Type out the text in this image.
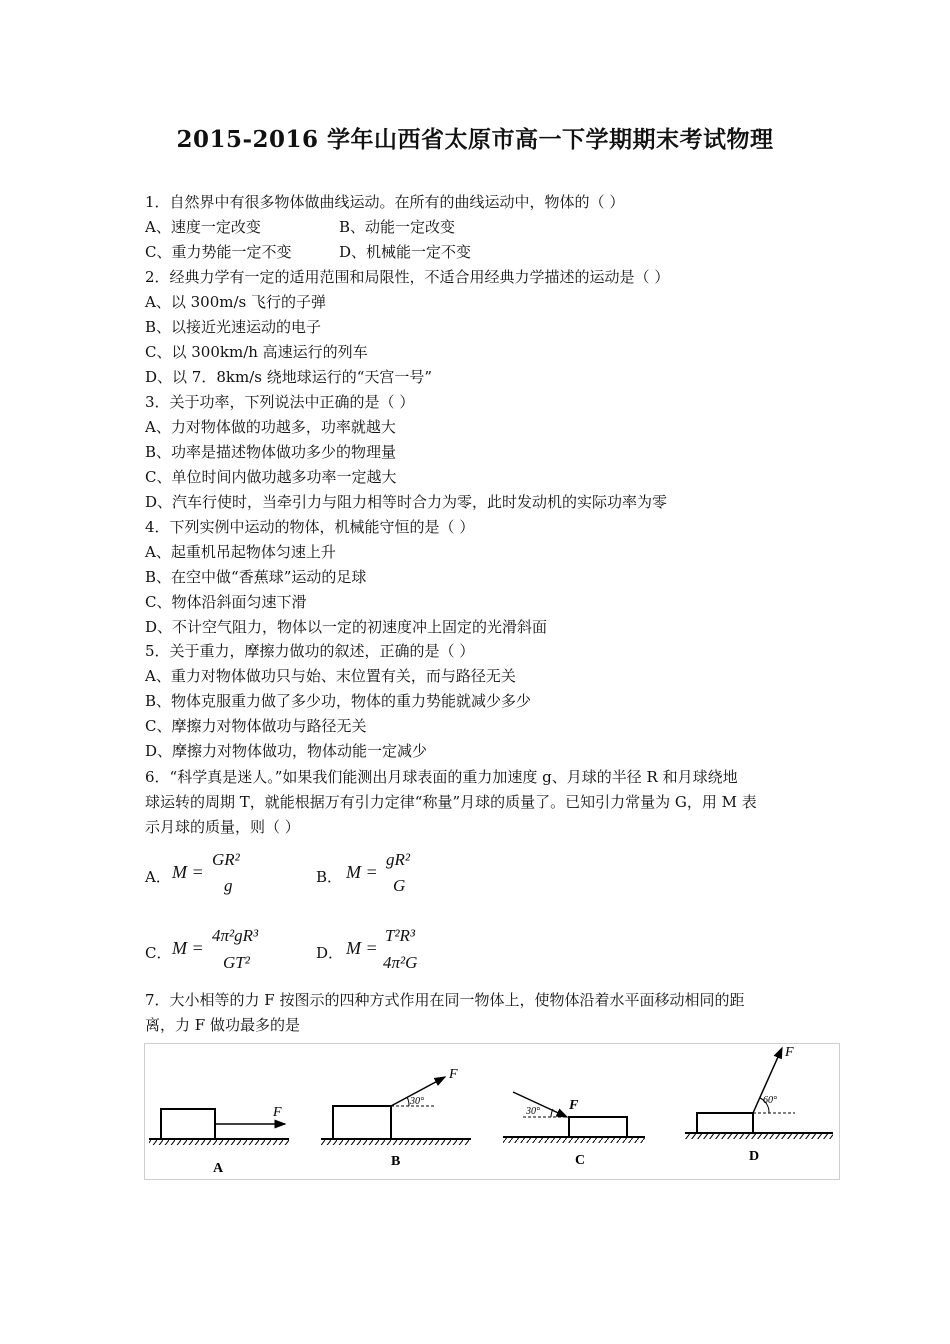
2015-2016 学年山西省太原市高一下学期期末考试物理
1．自然界中有很多物体做曲线运动。在所有的曲线运动中，物体的（ ）
A、速度一定改变	B、动能一定改变
C、重力势能一定不变	D、机械能一定不变
2．经典力学有一定的适用范围和局限性，不适合用经典力学描述的运动是（ ）
A、以 300m/s 飞行的子弹
B、以接近光速运动的电子
C、以 300km/h 高速运行的列车
D、以 7．8km/s 绕地球运行的“天宫一号”
3．关于功率，下列说法中正确的是（ ）
A、力对物体做的功越多，功率就越大
B、功率是描述物体做功多少的物理量
C、单位时间内做功越多功率一定越大
D、汽车行使时，当牵引力与阻力相等时合力为零，此时发动机的实际功率为零
4．下列实例中运动的物体，机械能守恒的是（ ）
A、起重机吊起物体匀速上升
B、在空中做“香蕉球”运动的足球
C、物体沿斜面匀速下滑
D、不计空气阻力，物体以一定的初速度冲上固定的光滑斜面
5．关于重力，摩擦力做功的叙述，正确的是（ ）
A、重力对物体做功只与始、末位置有关，而与路径无关
B、物体克服重力做了多少功，物体的重力势能就减少多少
C、摩擦力对物体做功与路径无关
D、摩擦力对物体做功，物体动能一定减少
6．“科学真是迷人。”如果我们能测出月球表面的重力加速度 g、月球的半径 R 和月球绕地
球运转的周期 T，就能根据万有引力定律“称量”月球的质量了。已知引力常量为 G，用 M 表
示月球的质量，则（ ）
A． M =
GR²
g	B． M =
gR²
G
C． M =
4π²gR³
GT²	D． M =
T²R³
4π²G
7．大小相等的力 F 按图示的四种方式作用在同一物体上，使物体沿着水平面移动相同的距
离，力 F 做功最多的是
F
A
30°
F
B
30° F
C
60°
F
D
